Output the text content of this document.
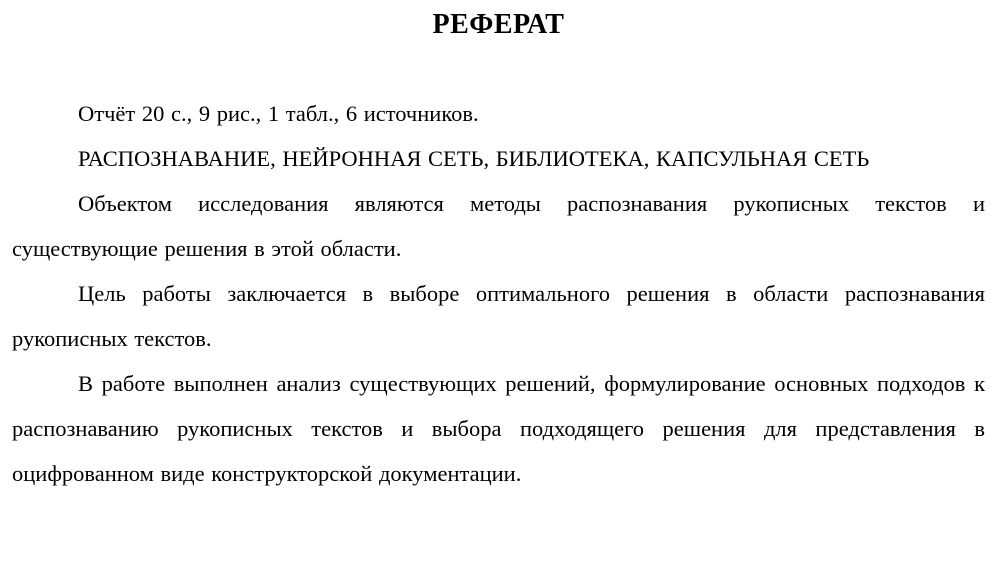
РЕФЕРАТ

Отчёт 20 с., 9 рис., 1 табл., 6 источников.

РАСПОЗНАВАНИЕ, НЕЙРОННАЯ СЕТЬ, БИБЛИОТЕКА, КАПСУЛЬНАЯ СЕТЬ

Объектом исследования являются методы распознавания рукописных текстов и существующие решения в этой области.

Цель работы заключается в выборе оптимального решения в области распознавания рукописных текстов.

В работе выполнен анализ существующих решений, формулирование основных подходов к распознаванию рукописных текстов и выбора подходящего решения для представления в оцифрованном виде конструкторской документации.
